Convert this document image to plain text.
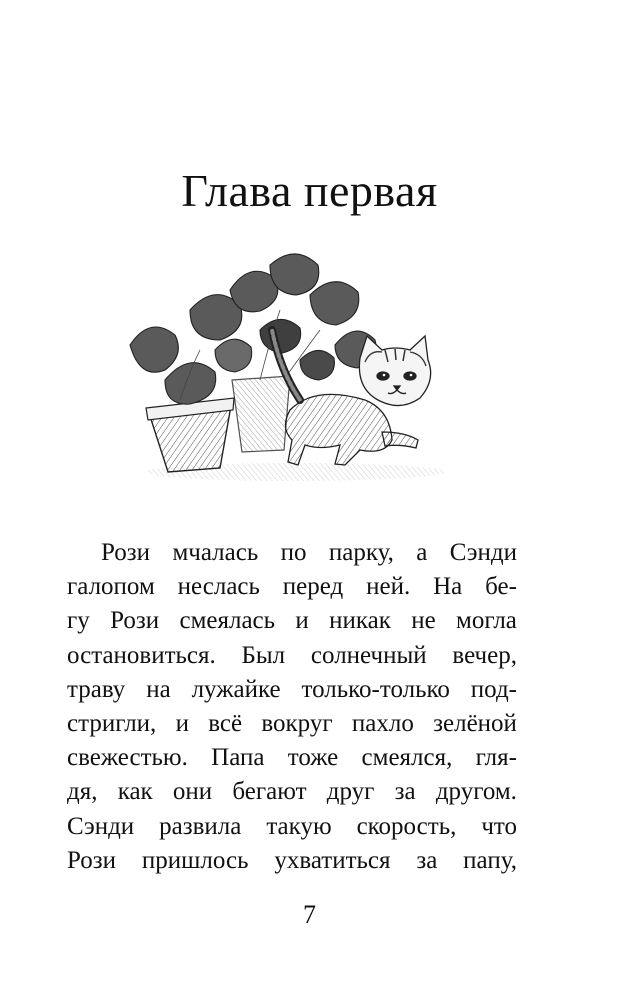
Глава первая
Рози мчалась по парку, а Сэнди
галопом неслась перед ней. На бе-
гу Рози смеялась и никак не могла
остановиться. Был солнечный вечер,
траву на лужайке только-только под-
стригли, и всё вокруг пахло зелёной
свежестью. Папа тоже смеялся, гля-
дя, как они бегают друг за другом.
Сэнди развила такую скорость, что
Рози пришлось ухватиться за папу,
7
